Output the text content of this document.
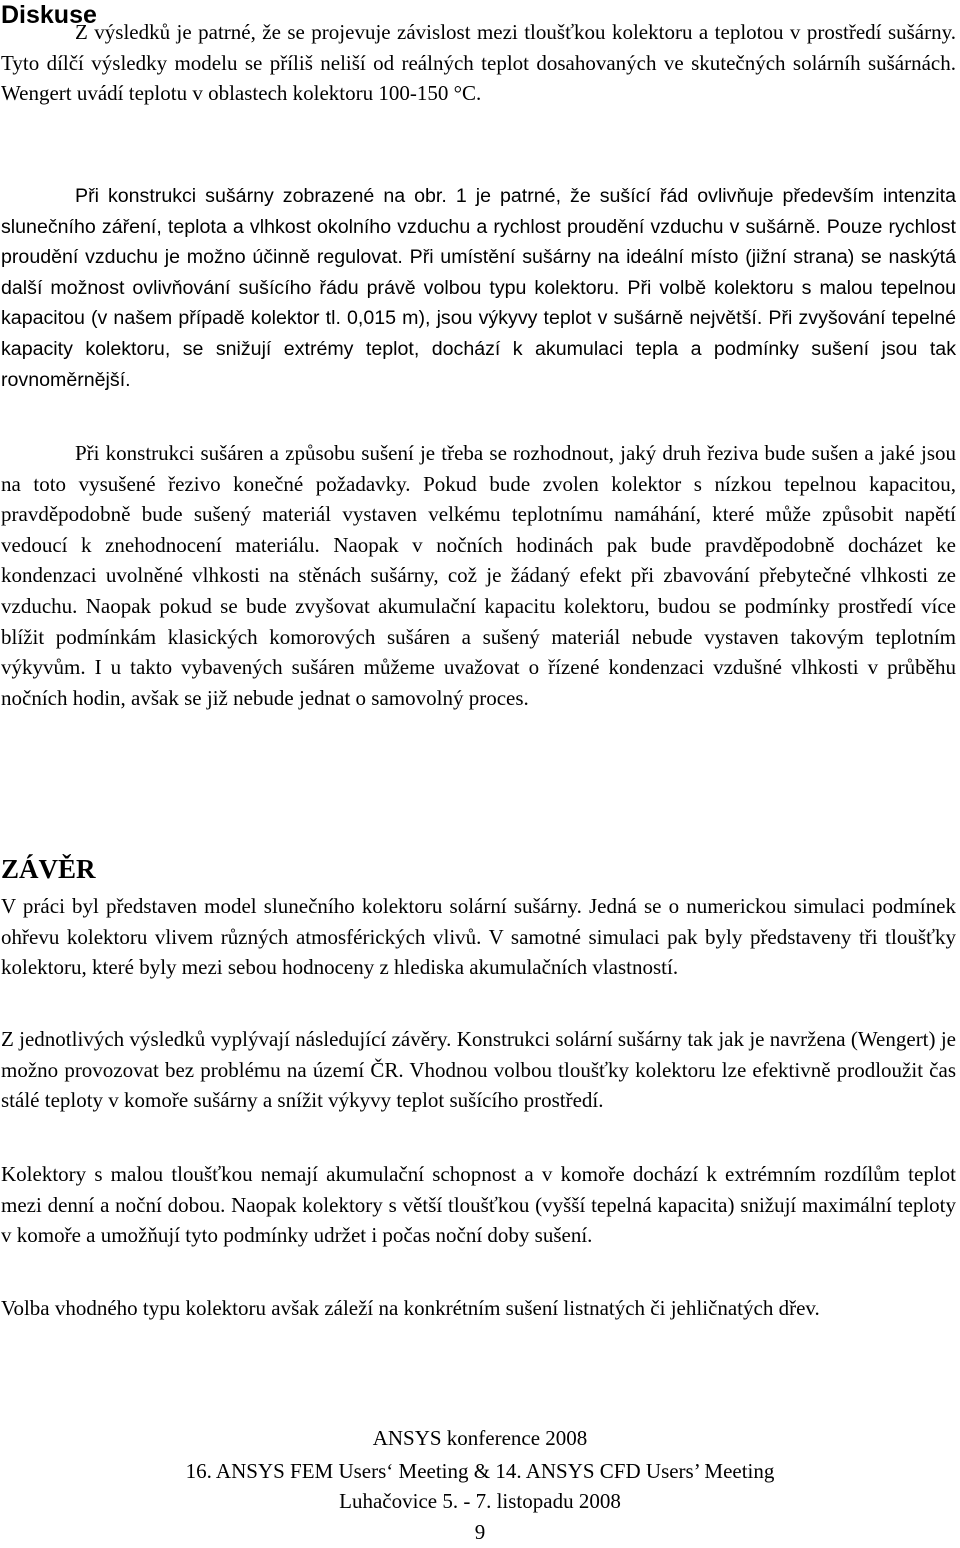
Diskuse

Z výsledků je patrné, že se projevuje závislost mezi tloušťkou kolektoru a teplotou v prostředí sušárny. Tyto dílčí výsledky modelu se příliš neliší od reálných teplot dosahovaných ve skutečných solárníh sušárnách. Wengert uvádí teplotu v oblastech kolektoru 100-150 °C.

Při konstrukci sušárny zobrazené na obr. 1 je patrné, že sušící řád ovlivňuje především intenzita slunečního záření, teplota a vlhkost okolního vzduchu a rychlost proudění vzduchu v sušárně. Pouze rychlost proudění vzduchu je možno účinně regulovat. Při umístění sušárny na ideální místo (jižní strana) se naskýtá další možnost ovlivňování sušícího řádu právě volbou typu kolektoru. Při volbě kolektoru s malou tepelnou kapacitou (v našem případě kolektor tl. 0,015 m), jsou výkyvy teplot v sušárně největší. Při zvyšování tepelné kapacity kolektoru, se snižují extrémy teplot, dochází k akumulaci tepla a podmínky sušení jsou tak rovnoměrnější.

Při konstrukci sušáren a způsobu sušení je třeba se rozhodnout, jaký druh řeziva bude sušen a jaké jsou na toto vysušené řezivo konečné požadavky. Pokud bude zvolen kolektor s nízkou tepelnou kapacitou, pravděpodobně bude sušený materiál vystaven velkému teplotnímu namáhání, které může způsobit napětí vedoucí k znehodnocení materiálu. Naopak v nočních hodinách pak bude pravděpodobně docházet ke kondenzaci uvolněné vlhkosti na stěnách sušárny, což je žádaný efekt při zbavování přebytečné vlhkosti ze vzduchu. Naopak pokud se bude zvyšovat akumulační kapacitu kolektoru, budou se podmínky prostředí více blížit podmínkám klasických komorových sušáren a sušený materiál nebude vystaven takovým teplotním výkyvům. I u takto vybavených sušáren můžeme uvažovat o řízené kondenzaci vzdušné vlhkosti v průběhu nočních hodin, avšak se již nebude jednat o samovolný proces.

ZÁVĚR

V práci byl představen model slunečního kolektoru solární sušárny. Jedná se o numerickou simulaci podmínek ohřevu kolektoru vlivem různých atmosférických vlivů. V samotné simulaci pak byly představeny tři tloušťky kolektoru, které byly mezi sebou hodnoceny z hlediska akumulačních vlastností.

Z jednotlivých výsledků vyplývají následující závěry. Konstrukci solární sušárny tak jak je navržena (Wengert) je možno provozovat bez problému na území ČR. Vhodnou volbou tloušťky kolektoru lze efektivně prodloužit čas stálé teploty v komoře sušárny a snížit výkyvy teplot sušícího prostředí.

Kolektory s malou tloušťkou nemají akumulační schopnost a v komoře dochází k extrémním rozdílům teplot mezi denní a noční dobou. Naopak kolektory s větší tloušťkou (vyšší tepelná kapacita) snižují maximální teploty v komoře a umožňují tyto podmínky udržet i počas noční doby sušení.

Volba vhodného typu kolektoru avšak záleží na konkrétním sušení listnatých či jehličnatých dřev.

ANSYS konference 2008
16. ANSYS FEM Users‘ Meeting & 14. ANSYS CFD Users’ Meeting
Luhačovice 5. - 7. listopadu 2008
9
